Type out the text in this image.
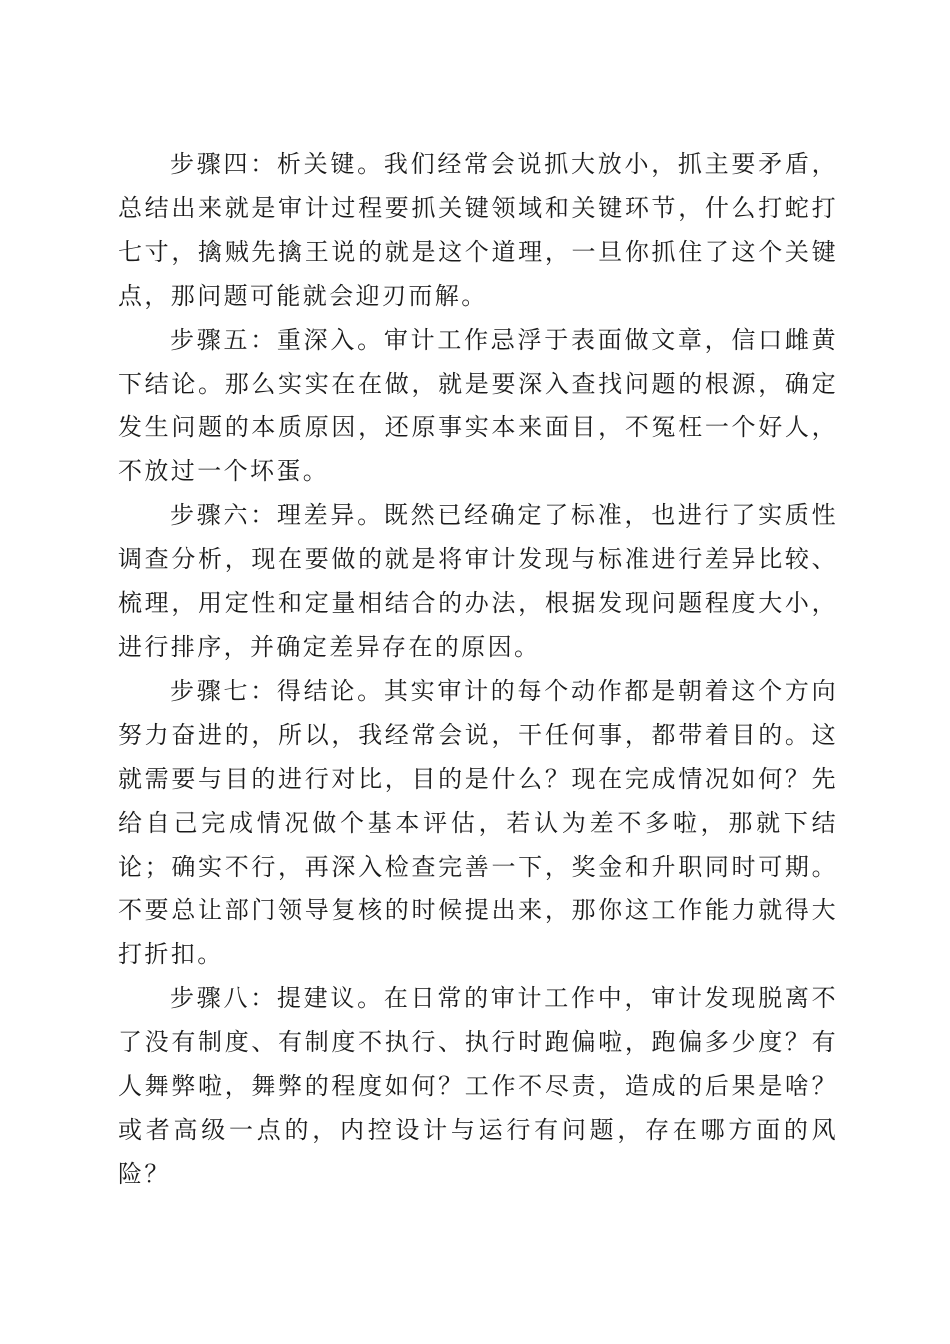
步骤四：析关键。我们经常会说抓大放小，抓主要矛盾，总结出来就是审计过程要抓关键领域和关键环节，什么打蛇打七寸，擒贼先擒王说的就是这个道理，一旦你抓住了这个关键点，那问题可能就会迎刃而解。

步骤五：重深入。审计工作忌浮于表面做文章，信口雌黄下结论。那么实实在在做，就是要深入查找问题的根源，确定发生问题的本质原因，还原事实本来面目，不冤枉一个好人，不放过一个坏蛋。

步骤六：理差异。既然已经确定了标准，也进行了实质性调查分析，现在要做的就是将审计发现与标准进行差异比较、梳理，用定性和定量相结合的办法，根据发现问题程度大小，进行排序，并确定差异存在的原因。

步骤七：得结论。其实审计的每个动作都是朝着这个方向努力奋进的，所以，我经常会说，干任何事，都带着目的。这就需要与目的进行对比，目的是什么？现在完成情况如何？先给自己完成情况做个基本评估，若认为差不多啦，那就下结论；确实不行，再深入检查完善一下，奖金和升职同时可期。不要总让部门领导复核的时候提出来，那你这工作能力就得大打折扣。

步骤八：提建议。在日常的审计工作中，审计发现脱离不了没有制度、有制度不执行、执行时跑偏啦，跑偏多少度？有人舞弊啦，舞弊的程度如何？工作不尽责，造成的后果是啥？或者高级一点的，内控设计与运行有问题，存在哪方面的风险？
